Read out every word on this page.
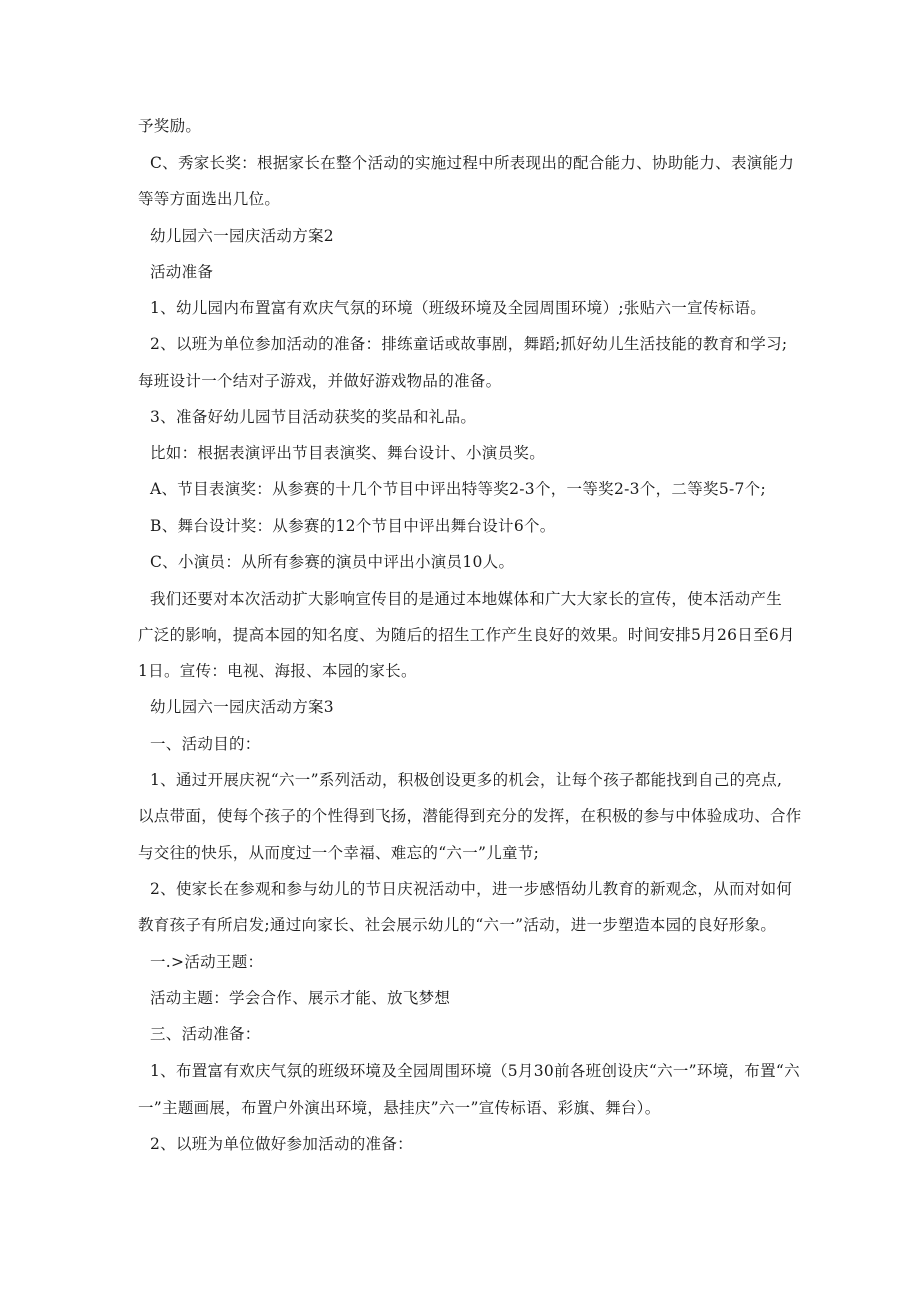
予奖励。
C、秀家长奖：根据家长在整个活动的实施过程中所表现出的配合能力、协助能力、表演能力
等等方面选出几位。
幼儿园六一园庆活动方案2
活动准备
1、幼儿园内布置富有欢庆气氛的环境（班级环境及全园周围环境）;张贴六一宣传标语。
2、以班为单位参加活动的准备：排练童话或故事剧，舞蹈;抓好幼儿生活技能的教育和学习;
每班设计一个结对子游戏，并做好游戏物品的准备。
3、准备好幼儿园节目活动获奖的奖品和礼品。
比如：根据表演评出节目表演奖、舞台设计、小演员奖。
A、节目表演奖：从参赛的十几个节目中评出特等奖2-3个，一等奖2-3个，二等奖5-7个;
B、舞台设计奖：从参赛的12个节目中评出舞台设计6个。
C、小演员：从所有参赛的演员中评出小演员10人。
我们还要对本次活动扩大影响宣传目的是通过本地媒体和广大大家长的宣传，使本活动产生
广泛的影响，提高本园的知名度、为随后的招生工作产生良好的效果。时间安排5月26日至6月
1日。宣传：电视、海报、本园的家长。
幼儿园六一园庆活动方案3
一、活动目的：
1、通过开展庆祝“六一”系列活动，积极创设更多的机会，让每个孩子都能找到自己的亮点,
以点带面，使每个孩子的个性得到飞扬，潜能得到充分的发挥，在积极的参与中体验成功、合作
与交往的快乐，从而度过一个幸福、难忘的“六一”儿童节;
2、使家长在参观和参与幼儿的节日庆祝活动中，进一步感悟幼儿教育的新观念，从而对如何
教育孩子有所启发;通过向家长、社会展示幼儿的“六一”活动，进一步塑造本园的良好形象。
一.>活动王题：
活动主题：学会合作、展示才能、放飞梦想
三、活动准备：
1、布置富有欢庆气氛的班级环境及全园周围环境（5月30前各班创设庆“六一”环境，布置“六
一”主题画展，布置户外演出环境，悬挂庆”六一”宣传标语、彩旗、舞台）。
2、以班为单位做好参加活动的准备：
